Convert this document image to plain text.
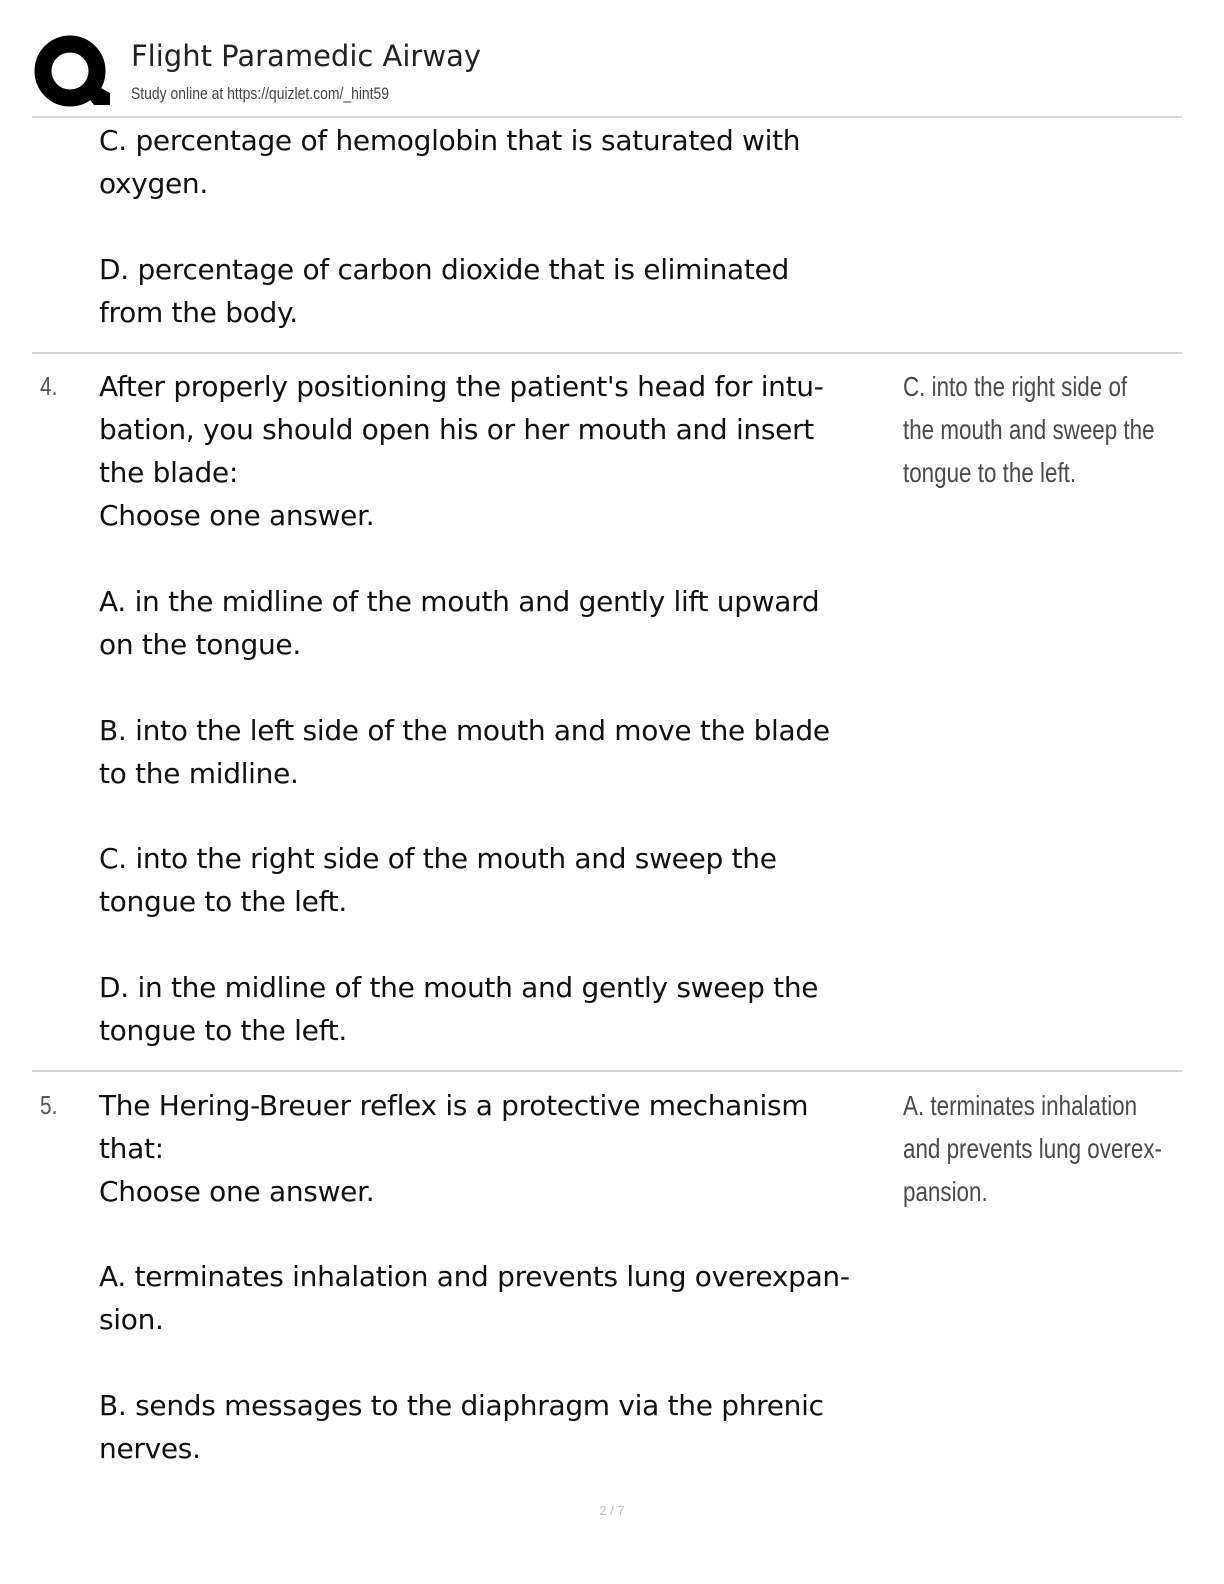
Flight Paramedic Airway
Study online at https://quizlet.com/_hint59
C. percentage of hemoglobin that is saturated with
oxygen.
D. percentage of carbon dioxide that is eliminated
from the body.
4. After properly positioning the patient's head for intu-
bation, you should open his or her mouth and insert
the blade:
Choose one answer.
C. into the right side of
the mouth and sweep the
tongue to the left.
A. in the midline of the mouth and gently lift upward
on the tongue.
B. into the left side of the mouth and move the blade
to the midline.
C. into the right side of the mouth and sweep the
tongue to the left.
D. in the midline of the mouth and gently sweep the
tongue to the left.
5. The Hering-Breuer reflex is a protective mechanism
that:
Choose one answer.
A. terminates inhalation
and prevents lung overex-
pansion.
A. terminates inhalation and prevents lung overexpan-
sion.
B. sends messages to the diaphragm via the phrenic
nerves.
2 / 7
